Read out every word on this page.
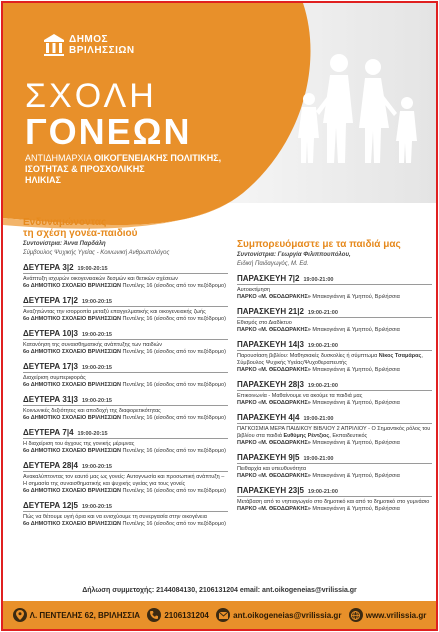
ΔΗΜΟΣ
ΒΡΙΛΗΣΣΙΩΝ
ΣΧΟΛΗ
ΓΟΝΕΩΝ
ΑΝΤΙΔΗΜΑΡΧΙΑ ΟΙΚΟΓΕΝΕΙΑΚΗΣ ΠΟΛΙΤΙΚΗΣ,
ΙΣΟΤΗΤΑΣ & ΠΡΟΣΧΟΛΙΚΗΣ
ΗΛΙΚΙΑΣ
Ενδυναμώνοντας
τη σχέση γονέα-παιδιού
Συντονίστρια: Άννα Παρδάλη
Σύμβουλος Ψυχικής Υγείας - Κοινωνική Ανθρωπολόγος
ΔΕΥΤΕΡΑ 3|2 19:00-20:15
Ανάπτυξη ισχυρών οικογενειακών δεσμών και θετικών σχέσεων
6ο ΔΗΜΟΤΙΚΟ ΣΧΟΛΕΙΟ ΒΡΙΛΗΣΣΙΩΝ Πεντέλης 16 (είσοδος από τον πεζόδρομο)
ΔΕΥΤΕΡΑ 17|2 19:00-20:15
Αναζητώντας την ισορροπία μεταξύ επαγγελματικής και οικογενειακής ζωής
6ο ΔΗΜΟΤΙΚΟ ΣΧΟΛΕΙΟ ΒΡΙΛΗΣΣΙΩΝ Πεντέλης 16 (είσοδος από τον πεζόδρομο)
ΔΕΥΤΕΡΑ 10|3 19:00-20:15
Κατανόηση της συναισθηματικής ανάπτυξης των παιδιών
6ο ΔΗΜΟΤΙΚΟ ΣΧΟΛΕΙΟ ΒΡΙΛΗΣΣΙΩΝ Πεντέλης 16 (είσοδος από τον πεζόδρομο)
ΔΕΥΤΕΡΑ 17|3 19:00-20:15
Διαχείριση συμπεριφοράς
6ο ΔΗΜΟΤΙΚΟ ΣΧΟΛΕΙΟ ΒΡΙΛΗΣΣΙΩΝ Πεντέλης 16 (είσοδος από τον πεζόδρομο)
ΔΕΥΤΕΡΑ 31|3 19:00-20:15
Κοινωνικές δεξιότητες και αποδοχή της διαφορετικότητας
6ο ΔΗΜΟΤΙΚΟ ΣΧΟΛΕΙΟ ΒΡΙΛΗΣΣΙΩΝ Πεντέλης 16 (είσοδος από τον πεζόδρομο)
ΔΕΥΤΕΡΑ 7|4 19:00-20:15
Η διαχείριση του άγχους της γονικής μέριμνας
6ο ΔΗΜΟΤΙΚΟ ΣΧΟΛΕΙΟ ΒΡΙΛΗΣΣΙΩΝ Πεντέλης 16 (είσοδος από τον πεζόδρομο)
ΔΕΥΤΕΡΑ 28|4 19:00-20:15
Ανακαλύπτοντας τον εαυτό μας ως γονείς: Αυτογνωσία και προσωπική ανάπτυξη – Η σημασία της συναισθηματικής και ψυχικής υγείας για τους γονείς
6ο ΔΗΜΟΤΙΚΟ ΣΧΟΛΕΙΟ ΒΡΙΛΗΣΣΙΩΝ Πεντέλης 16 (είσοδος από τον πεζόδρομο)
ΔΕΥΤΕΡΑ 12|5 19:00-20:15
Πώς να θέτουμε υγιή όρια και να ενισχύουμε τη συνεργασία στην οικογένεια
6ο ΔΗΜΟΤΙΚΟ ΣΧΟΛΕΙΟ ΒΡΙΛΗΣΣΙΩΝ Πεντέλης 16 (είσοδος από τον πεζόδρομο)
Συμπορευόμαστε με τα παιδιά μας
Συντονίστρια: Γεωργία Φιλιππουπόλου,
Ειδική Παιδαγωγός, M. Ed.
ΠΑΡΑΣΚΕΥΗ 7|2 19:00-21:00
Αυτοεκτίμηση
ΠΑΡΚΟ «Μ. ΘΕΟΔΩΡΑΚΗΣ» Μπακογιάννη & Υμηττού, Βριλήσσια
ΠΑΡΑΣΚΕΥΗ 21|2 19:00-21:00
Εθισμός στο Διαδίκτυο
ΠΑΡΚΟ «Μ. ΘΕΟΔΩΡΑΚΗΣ» Μπακογιάννη & Υμηττού, Βριλήσσια
ΠΑΡΑΣΚΕΥΗ 14|3 19:00-21:00
Παρουσίαση βιβλίου: Μαθησιακές δυσκολίες ή σύμπτωμα Νίκος Τσαμάρας, Σύμβουλος Ψυχικής Υγείας/Ψυχοθεραπευτής
ΠΑΡΚΟ «Μ. ΘΕΟΔΩΡΑΚΗΣ» Μπακογιάννη & Υμηττού, Βριλήσσια
ΠΑΡΑΣΚΕΥΗ 28|3 19:00-21:00
Επικοινωνία - Μαθαίνουμε να ακούμε τα παιδιά μας
ΠΑΡΚΟ «Μ. ΘΕΟΔΩΡΑΚΗΣ» Μπακογιάννη & Υμηττού, Βριλήσσια
ΠΑΡΑΣΚΕΥΗ 4|4 19:00-21:00
ΠΑΓΚΟΣΜΙΑ ΜΕΡΑ ΠΑΙΔΙΚΟΥ ΒΙΒΛΙΟΥ 2 ΑΠΡΙΛΙΟΥ - Ο Σημαντικός ρόλος του βιβλίου στα παιδιά Ευθύμης Ρέντζιος, Εκπαιδευτικός
ΠΑΡΚΟ «Μ. ΘΕΟΔΩΡΑΚΗΣ» Μπακογιάννη & Υμηττού, Βριλήσσια
ΠΑΡΑΣΚΕΥΗ 9|5 19:00-21:00
Πειθαρχία και υπευθυνότητα
ΠΑΡΚΟ «Μ. ΘΕΟΔΩΡΑΚΗΣ» Μπακογιάννη & Υμηττού, Βριλήσσια
ΠΑΡΑΣΚΕΥΗ 23|5 19:00-21:00
Μετάβαση από το νηπιαγωγείο στο δημοτικό και από το δημοτικό στο γυμνάσιο
ΠΑΡΚΟ «Μ. ΘΕΟΔΩΡΑΚΗΣ» Μπακογιάννη & Υμηττού, Βριλήσσια
Δήλωση συμμετοχής: 2144084130, 2106131204 email: ant.oikogeneias@vrilissia.gr
Λ. ΠΕΝΤΕΛΗΣ 62, ΒΡΙΛΗΣΣΙΑ	2106131204	ant.oikogeneias@vrilissia.gr	www.vrilissia.gr
